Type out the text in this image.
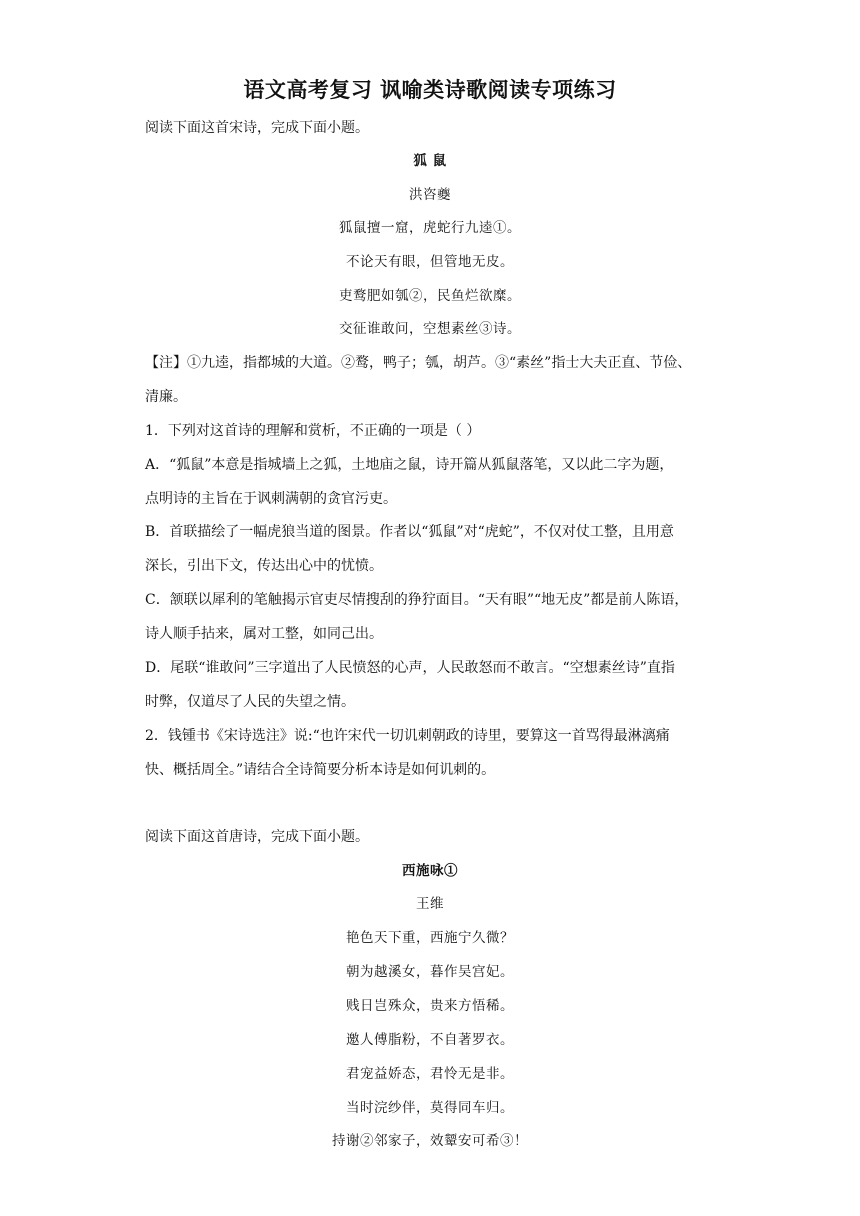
语文高考复习 讽喻类诗歌阅读专项练习
阅读下面这首宋诗，完成下面小题。
狐 鼠
洪咨夔
狐鼠擅一窟，虎蛇行九逵①。
不论天有眼，但管地无皮。
吏鹜肥如瓠②，民鱼烂欲糜。
交征谁敢问，空想素丝③诗。
【注】①九逵，指都城的大道。②鹜，鸭子；瓠，胡芦。③“素丝”指士大夫正直、节俭、
清廉。
1．下列对这首诗的理解和赏析，不正确的一项是（ ）
A．“狐鼠”本意是指城墙上之狐，土地庙之鼠，诗开篇从狐鼠落笔，又以此二字为题，
点明诗的主旨在于讽刺满朝的贪官污吏。
B．首联描绘了一幅虎狼当道的图景。作者以“狐鼠”对“虎蛇”，不仅对仗工整，且用意
深长，引出下文，传达出心中的忧愤。
C．颔联以犀利的笔触揭示官吏尽情搜刮的狰狞面目。“天有眼”“地无皮”都是前人陈语，
诗人顺手拈来，属对工整，如同己出。
D．尾联“谁敢问”三字道出了人民愤怒的心声，人民敢怒而不敢言。“空想素丝诗”直指
时弊，仅道尽了人民的失望之情。
2．钱锺书《宋诗选注》说:“也许宋代一切讥刺朝政的诗里，要算这一首骂得最淋漓痛
快、概括周全。”请结合全诗简要分析本诗是如何讥刺的。
阅读下面这首唐诗，完成下面小题。
西施咏①
王维
艳色天下重，西施宁久微？
朝为越溪女，暮作吴宫妃。
贱日岂殊众，贵来方悟稀。
邀人傅脂粉，不自著罗衣。
君宠益娇态，君怜无是非。
当时浣纱伴，莫得同车归。
持谢②邻家子，效颦安可希③！
